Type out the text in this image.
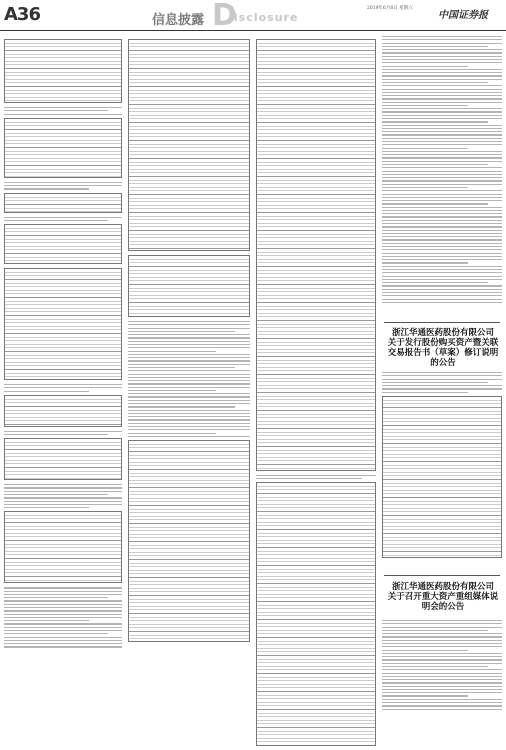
A36	信息披露 D
isclosure
2019年6月8日 星期六
中国证券报
浙江华通医药股份有限公司
关于发行股份购买资产暨关联交易报告书（草案）修订说明的公告
浙江华通医药股份有限公司
关于召开重大资产重组媒体说明会的公告
